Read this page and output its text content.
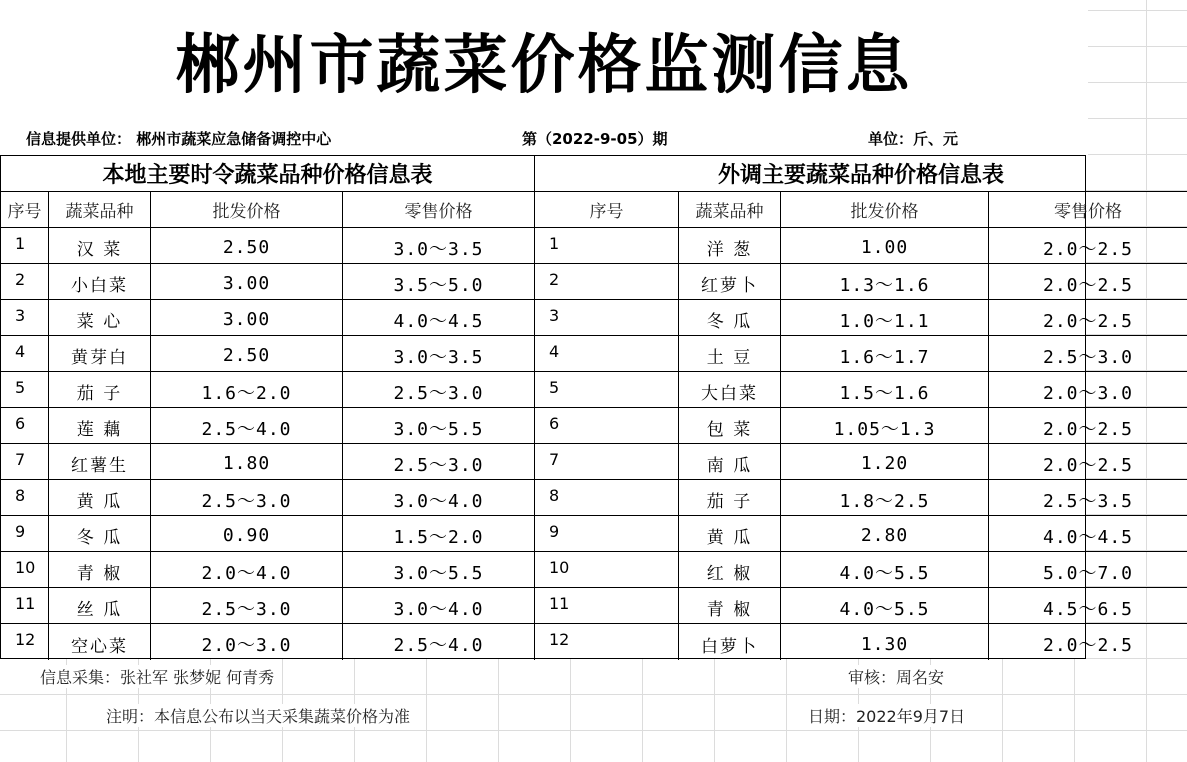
郴州市蔬菜价格监测信息
信息提供单位： 郴州市蔬菜应急储备调控中心	第（2022-9-05）期	单位：斤、元
本地主要时令蔬菜品种价格信息表	外调主要蔬菜品种价格信息表
序号	蔬菜品种	批发价格	零售价格	序号	蔬菜品种	批发价格	零售价格
1	汉 菜	2.50	3.0～3.5	1	洋 葱	1.00	2.0～2.5
2	小白菜	3.00	3.5～5.0	2	红萝卜	1.3～1.6	2.0～2.5
3	菜 心	3.00	4.0～4.5	3	冬 瓜	1.0～1.1	2.0～2.5
4	黄芽白	2.50	3.0～3.5	4	土 豆	1.6～1.7	2.5～3.0
5	茄 子	1.6～2.0	2.5～3.0	5	大白菜	1.5～1.6	2.0～3.0
6	莲 藕	2.5～4.0	3.0～5.5	6	包 菜	1.05～1.3	2.0～2.5
7	红薯生	1.80	2.5～3.0	7	南 瓜	1.20	2.0～2.5
8	黄 瓜	2.5～3.0	3.0～4.0	8	茄 子	1.8～2.5	2.5～3.5
9	冬 瓜	0.90	1.5～2.0	9	黄 瓜	2.80	4.0～4.5
10	青 椒	2.0～4.0	3.0～5.5	10	红 椒	4.0～5.5	5.0～7.0
11	丝 瓜	2.5～3.0	3.0～4.0	11	青 椒	4.0～5.5	4.5～6.5
12	空心菜	2.0～3.0	2.5～4.0	12	白萝卜	1.30	2.0～2.5
信息采集：张社军 张梦妮 何青秀	审核：周名安
注明：本信息公布以当天采集蔬菜价格为准	日期：2022年9月7日
